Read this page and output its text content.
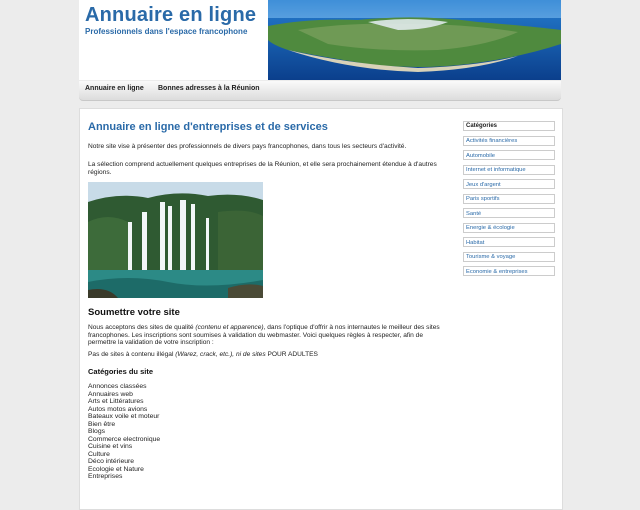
Annuaire en ligne
Professionnels dans l'espace francophone
Annuaire en ligne Bonnes adresses à la Réunion
Annuaire en ligne d'entreprises et de services

Notre site vise à présenter des professionnels de divers pays francophones, dans tous les secteurs d'activité.

La sélection comprend actuellement quelques entreprises de la Réunion, et elle sera prochainement étendue à d'autres régions.

Soumettre votre site

Nous acceptons des sites de qualité (contenu et apparence), dans l'optique d'offrir à nos internautes le meilleur des sites francophones. Les inscriptions sont soumises à validation du webmaster. Voici quelques règles à respecter, afin de permettre la validation de votre inscription :

Pas de sites à contenu illégal (Warez, crack, etc.), ni de sites POUR ADULTES

Catégories du site
Annonces classées
Annuaires web
Arts et Littératures
Autos motos avions
Bateaux voile et moteur
Bien être
Blogs
Commerce electronique
Cuisine et vins
Culture
Déco intérieure
Ecologie et Nature
Entreprises
Catégories
Activités financières
Automobile
Internet et informatique
Jeux d'argent
Paris sportifs
Santé
Energie & écologie
Habitat
Tourisme & voyage
Economie & entreprises
